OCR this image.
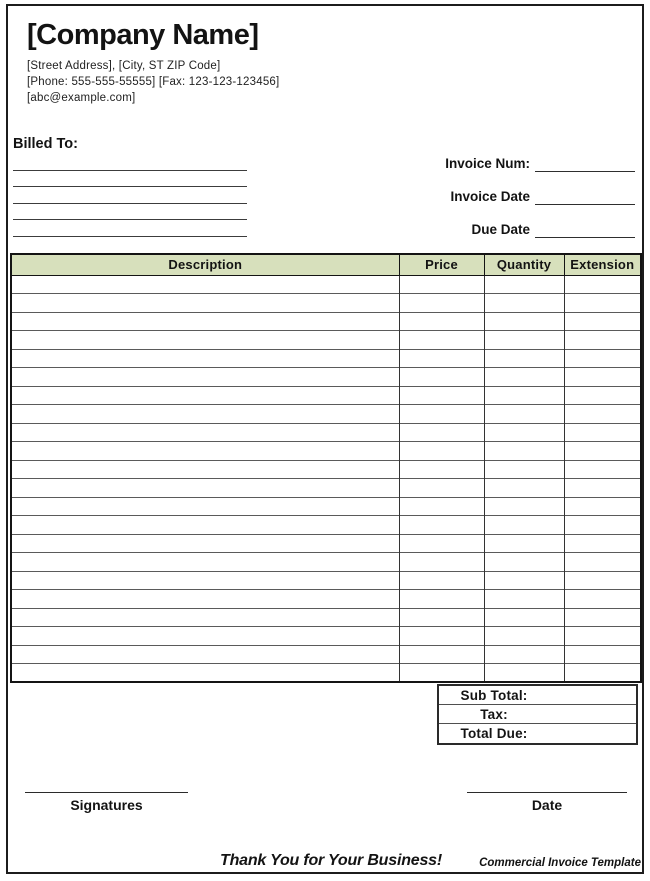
[Company Name]
[Street Address], [City, ST ZIP Code]
[Phone: 555-555-55555] [Fax: 123-123-123456]
[abc@example.com]
Billed To:
Invoice Num:
Invoice Date
Due Date
Description	Price	Quantity	Extension

Sub Total:
Tax:
Total Due:
Signatures	Date
Thank You for Your Business!	Commercial Invoice Template
